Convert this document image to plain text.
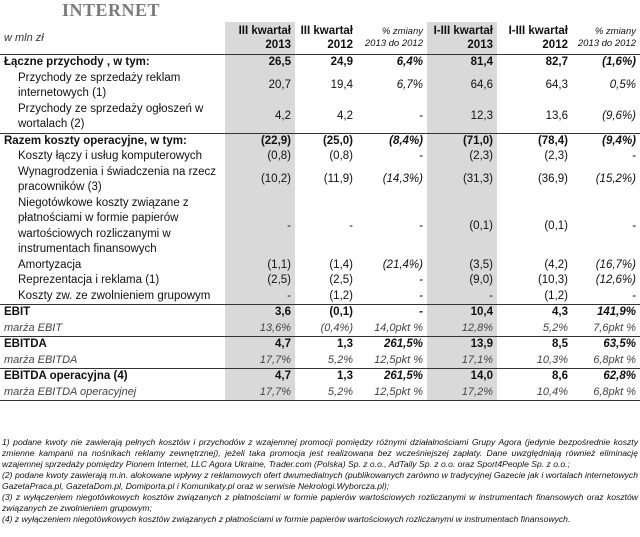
INTERNET
w mln zł	III kwartał 2013	III kwartał 2012	% zmiany 2013 do 2012	I-III kwartał 2013	I-III kwartał 2012	% zmiany 2013 do 2012
Łączne przychody , w tym:	26,5	24,9	6,4%	81,4	82,7	(1,6%)
Przychody ze sprzedaży reklam internetowych (1)	20,7	19,4	6,7%	64,6	64,3	0,5%
Przychody ze sprzedaży ogłoszeń w wortalach (2)	4,2	4,2	-	12,3	13,6	(9,6%)
Razem koszty operacyjne, w tym:	(22,9)	(25,0)	(8,4%)	(71,0)	(78,4)	(9,4%)
Koszty łączy i usług komputerowych	(0,8)	(0,8)	-	(2,3)	(2,3)	-
Wynagrodzenia i świadczenia na rzecz pracowników (3)	(10,2)	(11,9)	(14,3%)	(31,3)	(36,9)	(15,2%)
Niegotówkowe koszty związane z płatnościami w formie papierów wartościowych rozliczanymi w instrumentach finansowych	-	-	-	(0,1)	(0,1)	-
Amortyzacja	(1,1)	(1,4)	(21,4%)	(3,5)	(4,2)	(16,7%)
Reprezentacja i reklama (1)	(2,5)	(2,5)	-	(9,0)	(10,3)	(12,6%)
Koszty zw. ze zwolnieniem grupowym	-	(1,2)	-	-	(1,2)	-
EBIT	3,6	(0,1)	-	10,4	4,3	141,9%
marża EBIT	13,6%	(0,4%)	14,0pkt %	12,8%	5,2%	7,6pkt %
EBITDA	4,7	1,3	261,5%	13,9	8,5	63,5%
marża EBITDA	17,7%	5,2%	12,5pkt %	17,1%	10,3%	6,8pkt %
EBITDA operacyjna (4)	4,7	1,3	261,5%	14,0	8,6	62,8%
marża EBITDA operacyjnej	17,7%	5,2%	12,5pkt %	17,2%	10,4%	6,8pkt %

1) podane kwoty nie zawierają pełnych kosztów i przychodów z wzajemnej promocji pomiędzy różnymi działalnościami Grupy Agora (jedynie bezpośrednie koszty zmienne kampanii na nośnikach reklamy zewnętrznej), jeżeli taka promocja jest realizowana bez wcześniejszej zapłaty. Dane uwzględniają również eliminację wzajemnej sprzedaży pomiędzy Pionem Internet, LLC Agora Ukraine, Trader.com (Polska) Sp. z o.o., AdTaily Sp. z o.o. oraz Sport4People Sp. z o.o.;

(2) podane kwoty zawierają m.in. alokowane wpływy z reklamowych ofert dwumedialnych (publikowanych zarówno w tradycyjnej Gazecie jak i wortalach internetowych GazetaPraca.pl, GazetaDom.pl, Domiporta.pl i Komunikaty.pl oraz w serwisie Nekrologi.Wyborcza.pl);

(3) z wyłączeniem niegotówkowych kosztów związanych z płatnościami w formie papierów wartościowych rozliczanymi w instrumentach finansowych oraz kosztów związanych ze zwolnieniem grupowym;

(4) z wyłączeniem niegotówkowych kosztów związanych z płatnościami w formie papierów wartościowych rozliczanymi w instrumentach finansowych.
